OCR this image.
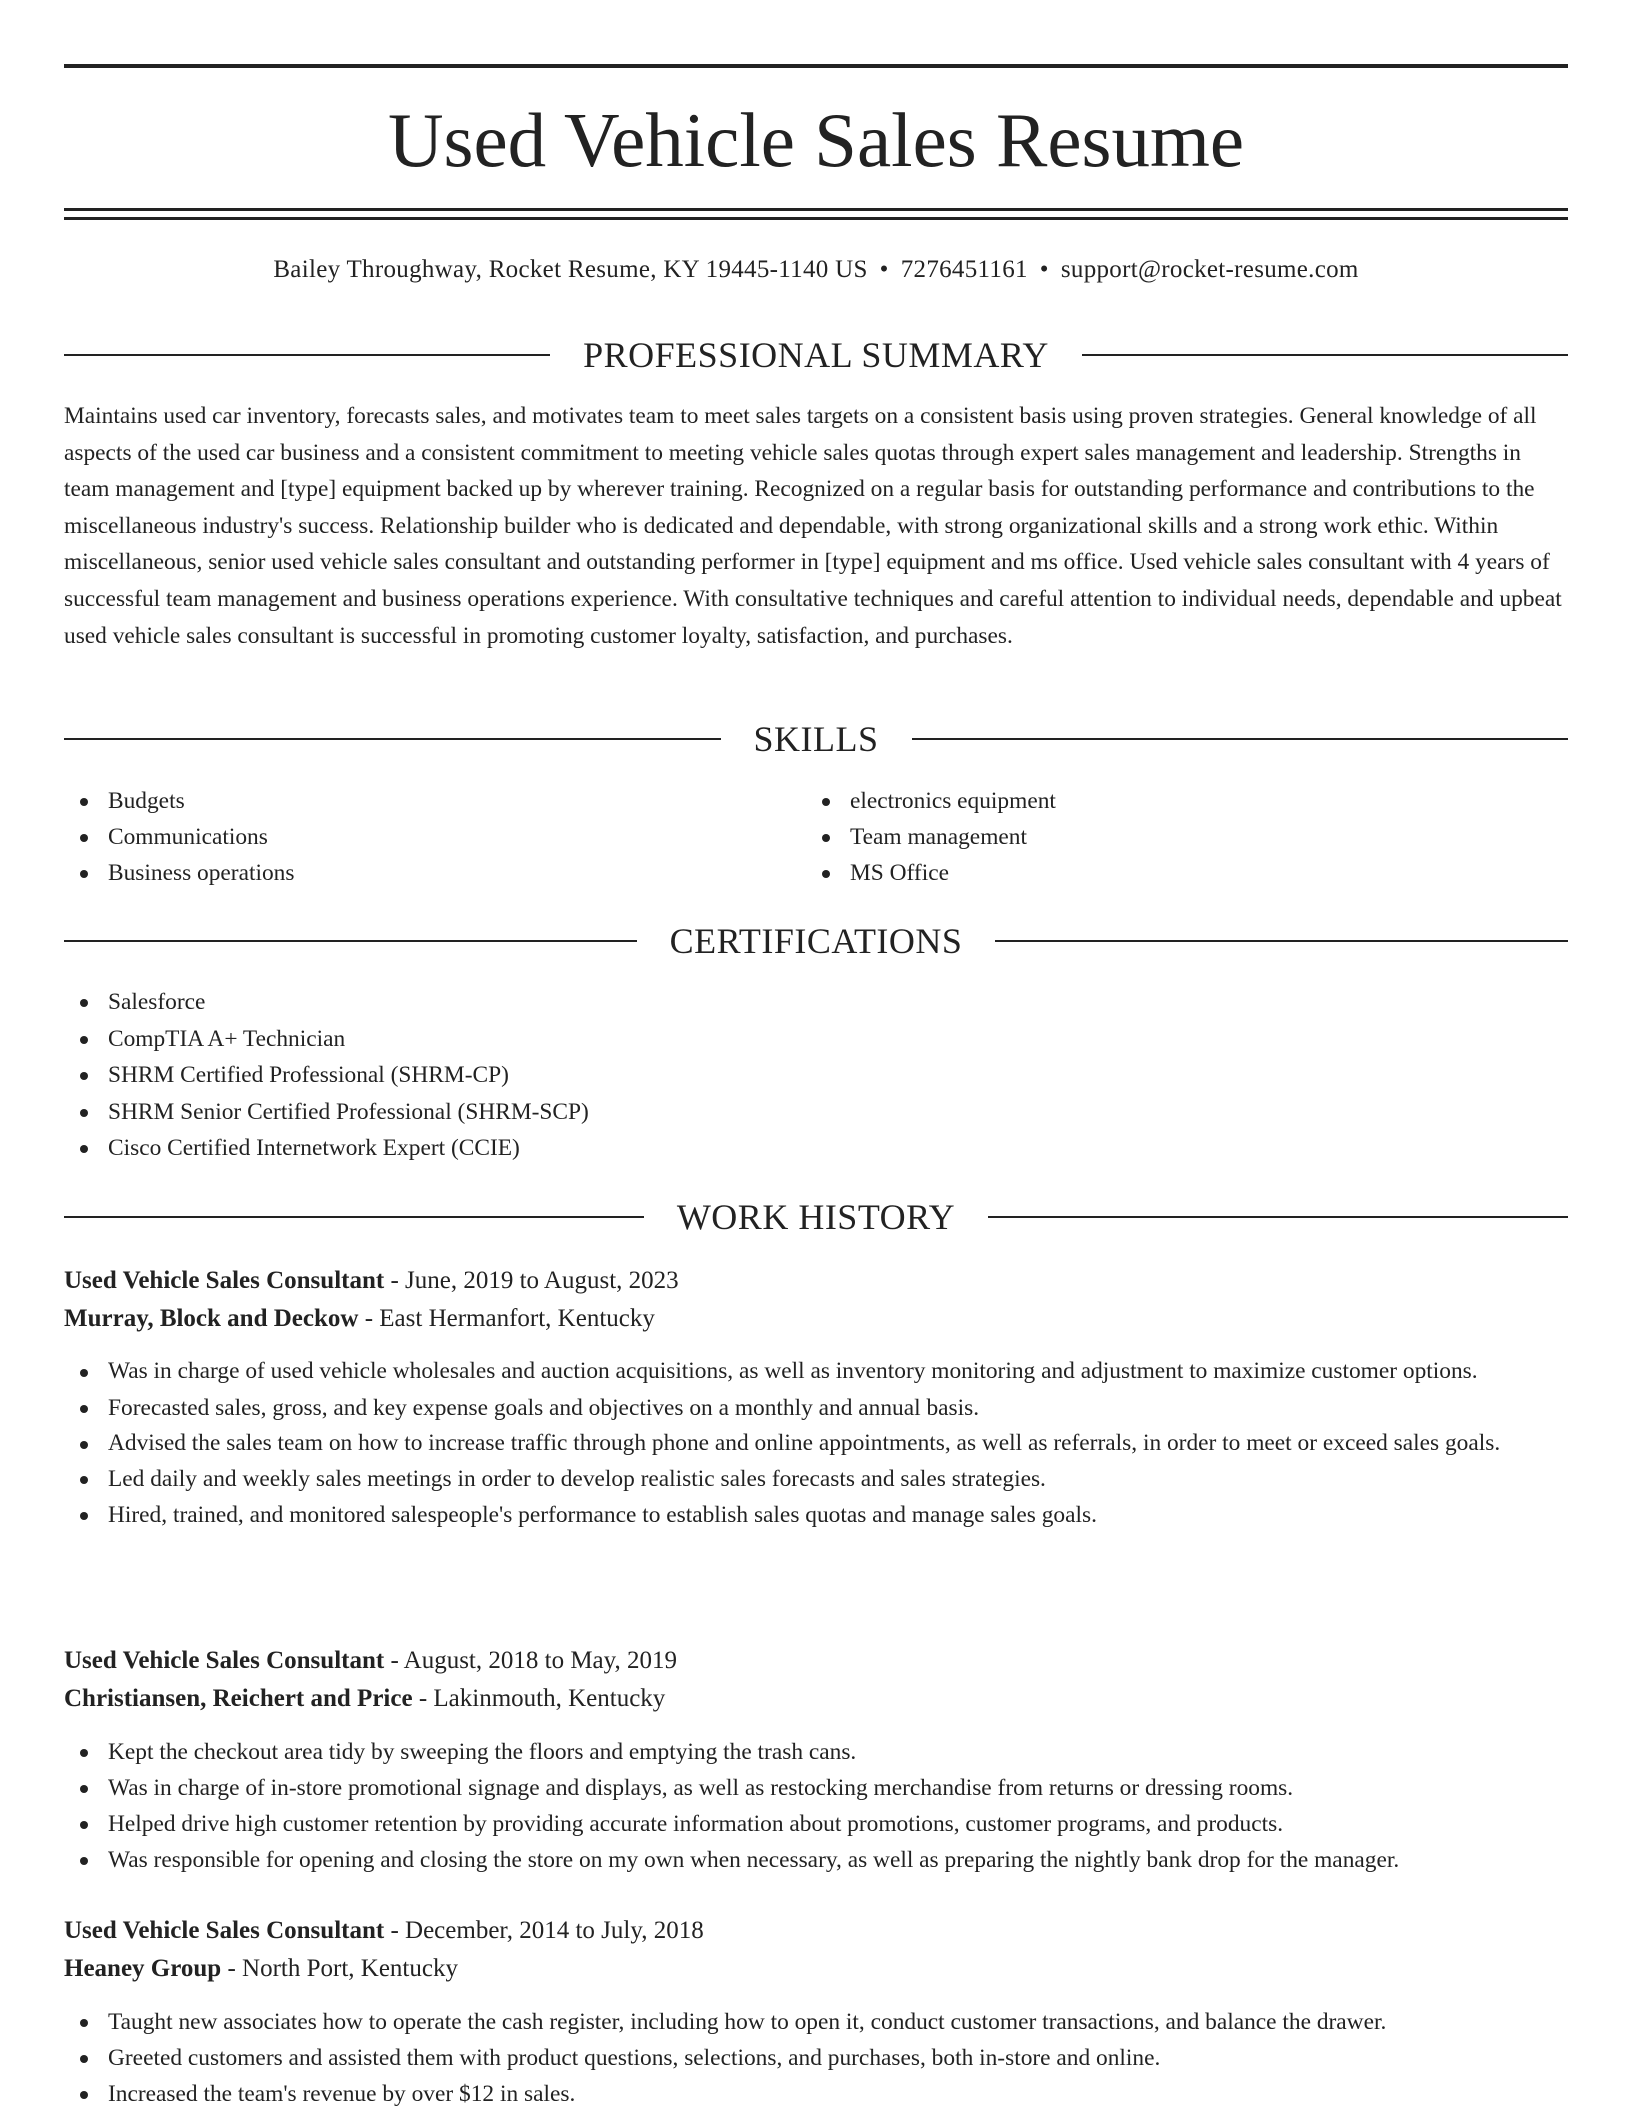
Used Vehicle Sales Resume
Bailey Throughway, Rocket Resume, KY 19445-1140 US • 7276451161 • support@rocket-resume.com
PROFESSIONAL SUMMARY

Maintains used car inventory, forecasts sales, and motivates team to meet sales targets on a consistent basis using proven strategies. General knowledge of all aspects of the used car business and a consistent commitment to meeting vehicle sales quotas through expert sales management and leadership. Strengths in team management and [type] equipment backed up by wherever training. Recognized on a regular basis for outstanding performance and contributions to the miscellaneous industry's success. Relationship builder who is dedicated and dependable, with strong organizational skills and a strong work ethic. Within miscellaneous, senior used vehicle sales consultant and outstanding performer in [type] equipment and ms office. Used vehicle sales consultant with 4 years of successful team management and business operations experience. With consultative techniques and careful attention to individual needs, dependable and upbeat used vehicle sales consultant is successful in promoting customer loyalty, satisfaction, and purchases.

SKILLS
Budgets
Communications
Business operations
electronics equipment
Team management
MS Office
CERTIFICATIONS
Salesforce
CompTIA A+ Technician
SHRM Certified Professional (SHRM-CP)
SHRM Senior Certified Professional (SHRM-SCP)
Cisco Certified Internetwork Expert (CCIE)
WORK HISTORY
Used Vehicle Sales Consultant - June, 2019 to August, 2023
Murray, Block and Deckow - East Hermanfort, Kentucky
Was in charge of used vehicle wholesales and auction acquisitions, as well as inventory monitoring and adjustment to maximize customer options.
Forecasted sales, gross, and key expense goals and objectives on a monthly and annual basis.
Advised the sales team on how to increase traffic through phone and online appointments, as well as referrals, in order to meet or exceed sales goals.
Led daily and weekly sales meetings in order to develop realistic sales forecasts and sales strategies.
Hired, trained, and monitored salespeople's performance to establish sales quotas and manage sales goals.
Used Vehicle Sales Consultant - August, 2018 to May, 2019
Christiansen, Reichert and Price - Lakinmouth, Kentucky
Kept the checkout area tidy by sweeping the floors and emptying the trash cans.
Was in charge of in-store promotional signage and displays, as well as restocking merchandise from returns or dressing rooms.
Helped drive high customer retention by providing accurate information about promotions, customer programs, and products.
Was responsible for opening and closing the store on my own when necessary, as well as preparing the nightly bank drop for the manager.
Used Vehicle Sales Consultant - December, 2014 to July, 2018
Heaney Group - North Port, Kentucky
Taught new associates how to operate the cash register, including how to open it, conduct customer transactions, and balance the drawer.
Greeted customers and assisted them with product questions, selections, and purchases, both in-store and online.
Increased the team's revenue by over $12 in sales.
